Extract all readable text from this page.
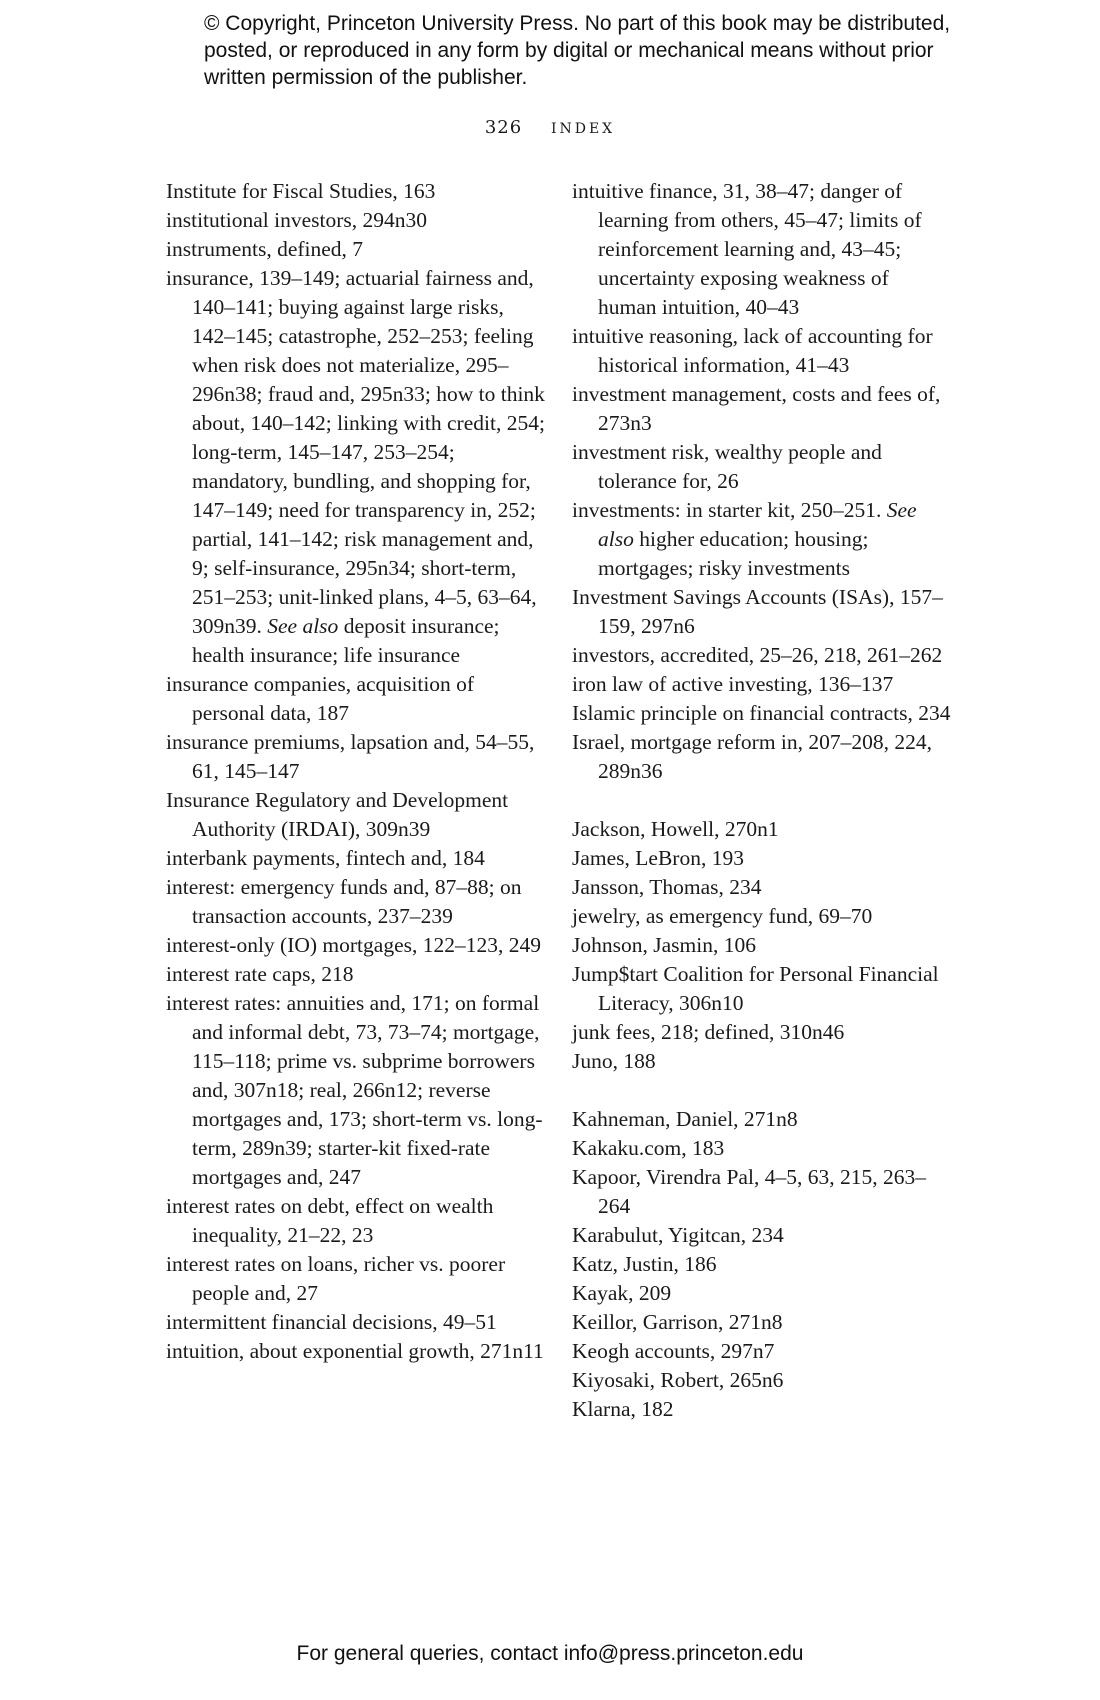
© Copyright, Princeton University Press. No part of this book may be distributed, posted, or reproduced in any form by digital or mechanical means without prior written permission of the publisher.
326 index

Institute for Fiscal Studies, 163

institutional investors, 294n30

instruments, defined, 7

insurance, 139–149; actuarial fairness and, 140–141; buying against large risks, 142–145; catastrophe, 252–253; feeling when risk does not materialize, 295–296n38; fraud and, 295n33; how to think about, 140–142; linking with credit, 254; long-term, 145–147, 253–254; mandatory, bundling, and shopping for, 147–149; need for transparency in, 252; partial, 141–142; risk management and, 9; self-insurance, 295n34; short-term, 251–253; unit-linked plans, 4–5, 63–64, 309n39. See also deposit insurance; health insurance; life insurance

insurance companies, acquisition of personal data, 187

insurance premiums, lapsation and, 54–55, 61, 145–147

Insurance Regulatory and Development Authority (IRDAI), 309n39

interbank payments, fintech and, 184

interest: emergency funds and, 87–88; on transaction accounts, 237–239

interest-only (IO) mortgages, 122–123, 249

interest rate caps, 218

interest rates: annuities and, 171; on formal and informal debt, 73, 73–74; mortgage, 115–118; prime vs. subprime borrowers and, 307n18; real, 266n12; reverse mortgages and, 173; short-term vs. long-term, 289n39; starter-kit fixed-rate mortgages and, 247

interest rates on debt, effect on wealth inequality, 21–22, 23

interest rates on loans, richer vs. poorer people and, 27

intermittent financial decisions, 49–51

intuition, about exponential growth, 271n11

intuitive finance, 31, 38–47; danger of learning from others, 45–47; limits of reinforcement learning and, 43–45; uncertainty exposing weakness of human intuition, 40–43

intuitive reasoning, lack of accounting for historical information, 41–43

investment management, costs and fees of, 273n3

investment risk, wealthy people and tolerance for, 26

investments: in starter kit, 250–251. See also higher education; housing; mortgages; risky investments

Investment Savings Accounts (ISAs), 157–159, 297n6

investors, accredited, 25–26, 218, 261–262

iron law of active investing, 136–137

Islamic principle on financial contracts, 234

Israel, mortgage reform in, 207–208, 224, 289n36

Jackson, Howell, 270n1

James, LeBron, 193

Jansson, Thomas, 234

jewelry, as emergency fund, 69–70

Johnson, Jasmin, 106

Jump$tart Coalition for Personal Financial Literacy, 306n10

junk fees, 218; defined, 310n46

Juno, 188

Kahneman, Daniel, 271n8

Kakaku.com, 183

Kapoor, Virendra Pal, 4–5, 63, 215, 263–264

Karabulut, Yigitcan, 234

Katz, Justin, 186

Kayak, 209

Keillor, Garrison, 271n8

Keogh accounts, 297n7

Kiyosaki, Robert, 265n6

Klarna, 182

For general queries, contact info@press.princeton.edu
